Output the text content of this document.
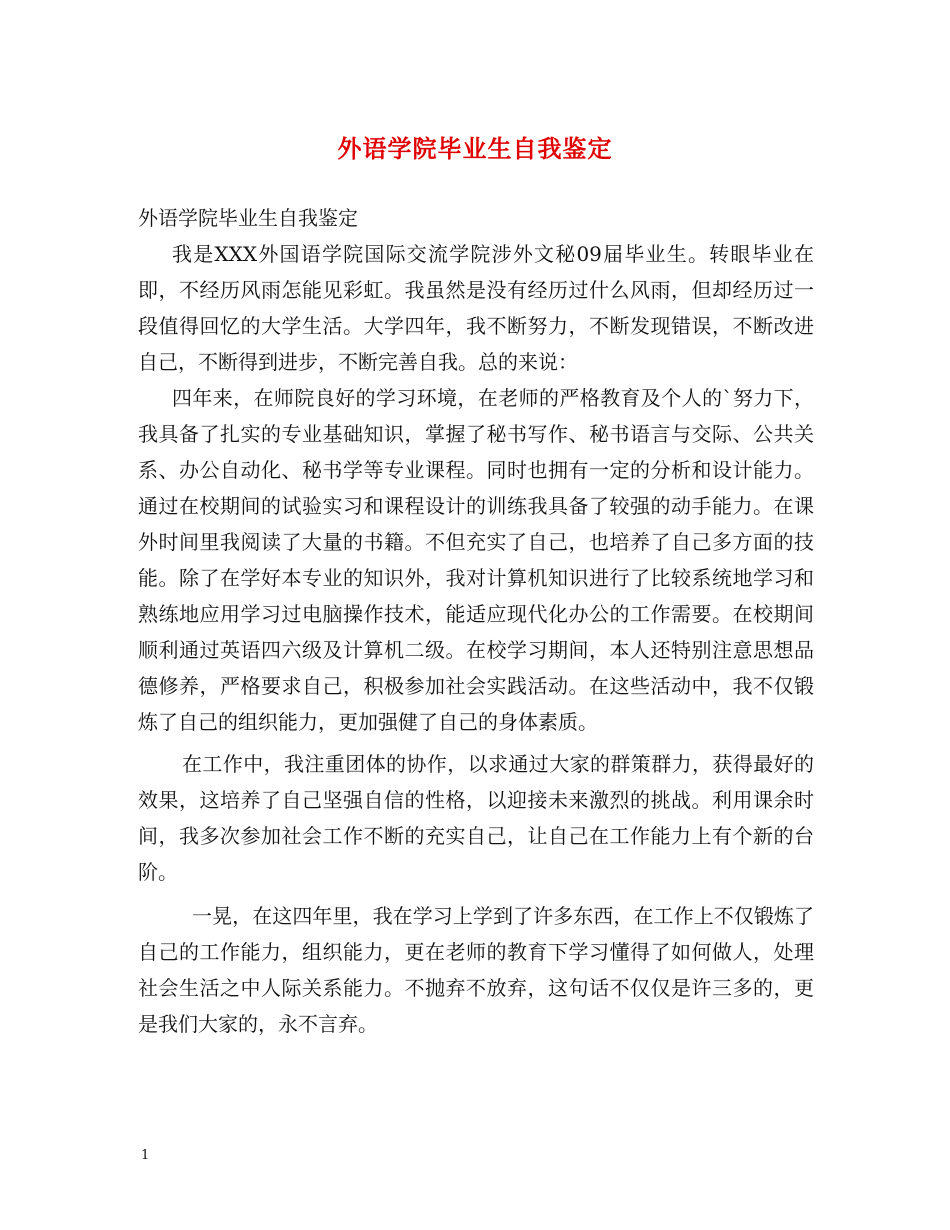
外语学院毕业生自我鉴定

外语学院毕业生自我鉴定

我是XXX外国语学院国际交流学院涉外文秘09届毕业生。转眼毕业在即，不经历风雨怎能见彩虹。我虽然是没有经历过什么风雨，但却经历过一段值得回忆的大学生活。大学四年，我不断努力，不断发现错误，不断改进自己，不断得到进步，不断完善自我。总的来说：

四年来，在师院良好的学习环境，在老师的严格教育及个人的`努力下，我具备了扎实的专业基础知识，掌握了秘书写作、秘书语言与交际、公共关系、办公自动化、秘书学等专业课程。同时也拥有一定的分析和设计能力。通过在校期间的试验实习和课程设计的训练我具备了较强的动手能力。在课外时间里我阅读了大量的书籍。不但充实了自己，也培养了自己多方面的技能。除了在学好本专业的知识外，我对计算机知识进行了比较系统地学习和熟练地应用学习过电脑操作技术，能适应现代化办公的工作需要。在校期间顺利通过英语四六级及计算机二级。在校学习期间，本人还特别注意思想品德修养，严格要求自己，积极参加社会实践活动。在这些活动中，我不仅锻炼了自己的组织能力，更加强健了自己的身体素质。

在工作中，我注重团体的协作，以求通过大家的群策群力，获得最好的效果，这培养了自己坚强自信的性格，以迎接未来激烈的挑战。利用课余时间，我多次参加社会工作不断的充实自己，让自己在工作能力上有个新的台阶。

一晃，在这四年里，我在学习上学到了许多东西，在工作上不仅锻炼了自己的工作能力，组织能力，更在老师的教育下学习懂得了如何做人，处理社会生活之中人际关系能力。不抛弃不放弃，这句话不仅仅是许三多的，更是我们大家的，永不言弃。

1
